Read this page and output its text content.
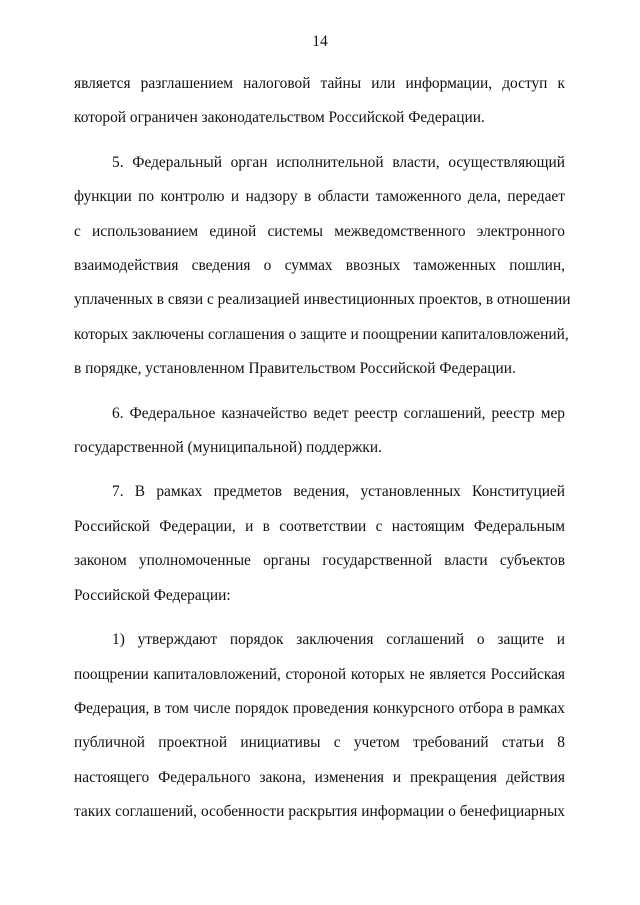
14
является разглашением налоговой тайны или информации, доступ к
которой ограничен законодательством Российской Федерации.
5. Федеральный орган исполнительной власти, осуществляющий
функции по контролю и надзору в области таможенного дела, передает
с использованием единой системы межведомственного электронного
взаимодействия сведения о суммах ввозных таможенных пошлин,
уплаченных в связи с реализацией инвестиционных проектов, в отношении
которых заключены соглашения о защите и поощрении капиталовложений,
в порядке, установленном Правительством Российской Федерации.
6. Федеральное казначейство ведет реестр соглашений, реестр мер
государственной (муниципальной) поддержки.
7. В рамках предметов ведения, установленных Конституцией
Российской Федерации, и в соответствии с настоящим Федеральным
законом уполномоченные органы государственной власти субъектов
Российской Федерации:
1) утверждают порядок заключения соглашений о защите и
поощрении капиталовложений, стороной которых не является Российская
Федерация, в том числе порядок проведения конкурсного отбора в рамках
публичной проектной инициативы с учетом требований статьи 8
настоящего Федерального закона, изменения и прекращения действия
таких соглашений, особенности раскрытия информации о бенефициарных
